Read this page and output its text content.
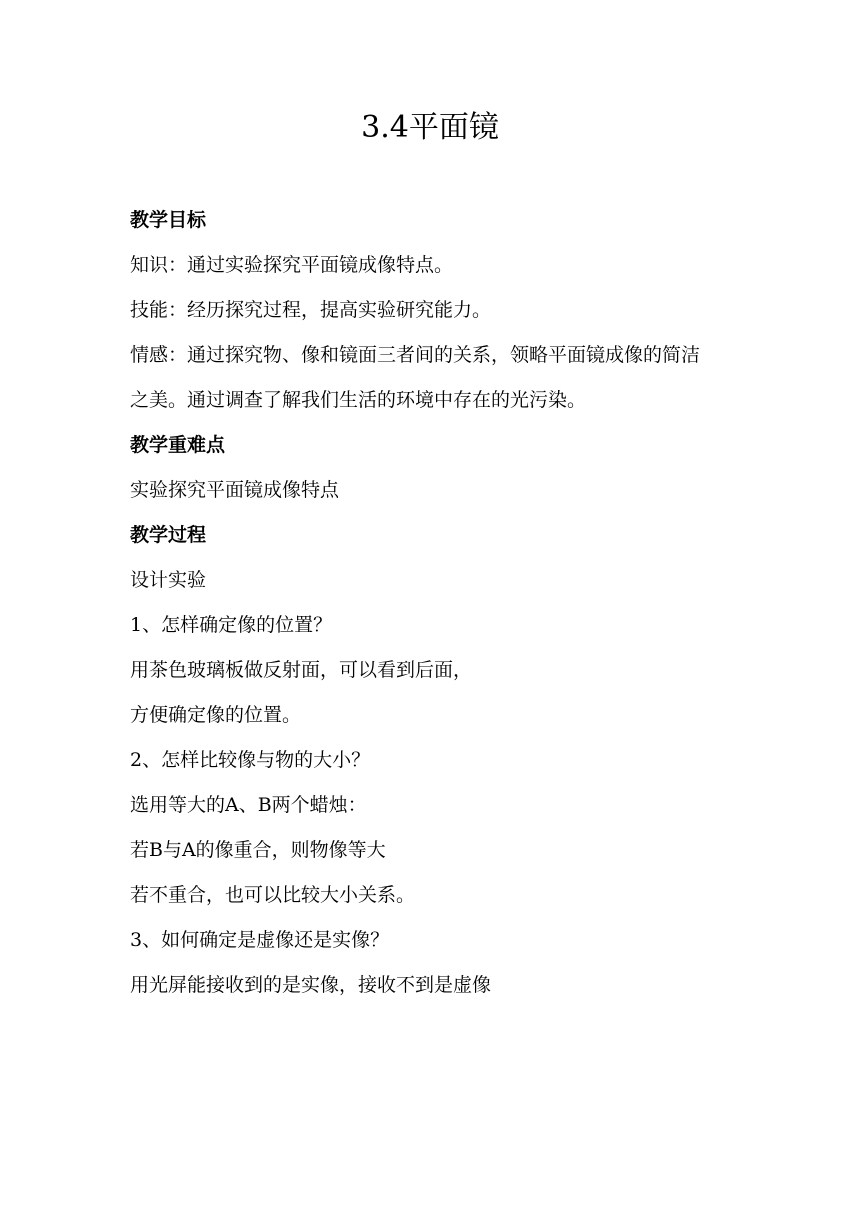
3.4平面镜

教学目标

知识：通过实验探究平面镜成像特点。

技能：经历探究过程，提高实验研究能力。

情感：通过探究物、像和镜面三者间的关系，领略平面镜成像的简洁

之美。通过调查了解我们生活的环境中存在的光污染。

教学重难点

实验探究平面镜成像特点

教学过程

设计实验

1、怎样确定像的位置？

用茶色玻璃板做反射面，可以看到后面，

方便确定像的位置。

2、怎样比较像与物的大小？

选用等大的A、B两个蜡烛：

若B与A的像重合，则物像等大

若不重合，也可以比较大小关系。

3、如何确定是虚像还是实像？

用光屏能接收到的是实像，接收不到是虚像
